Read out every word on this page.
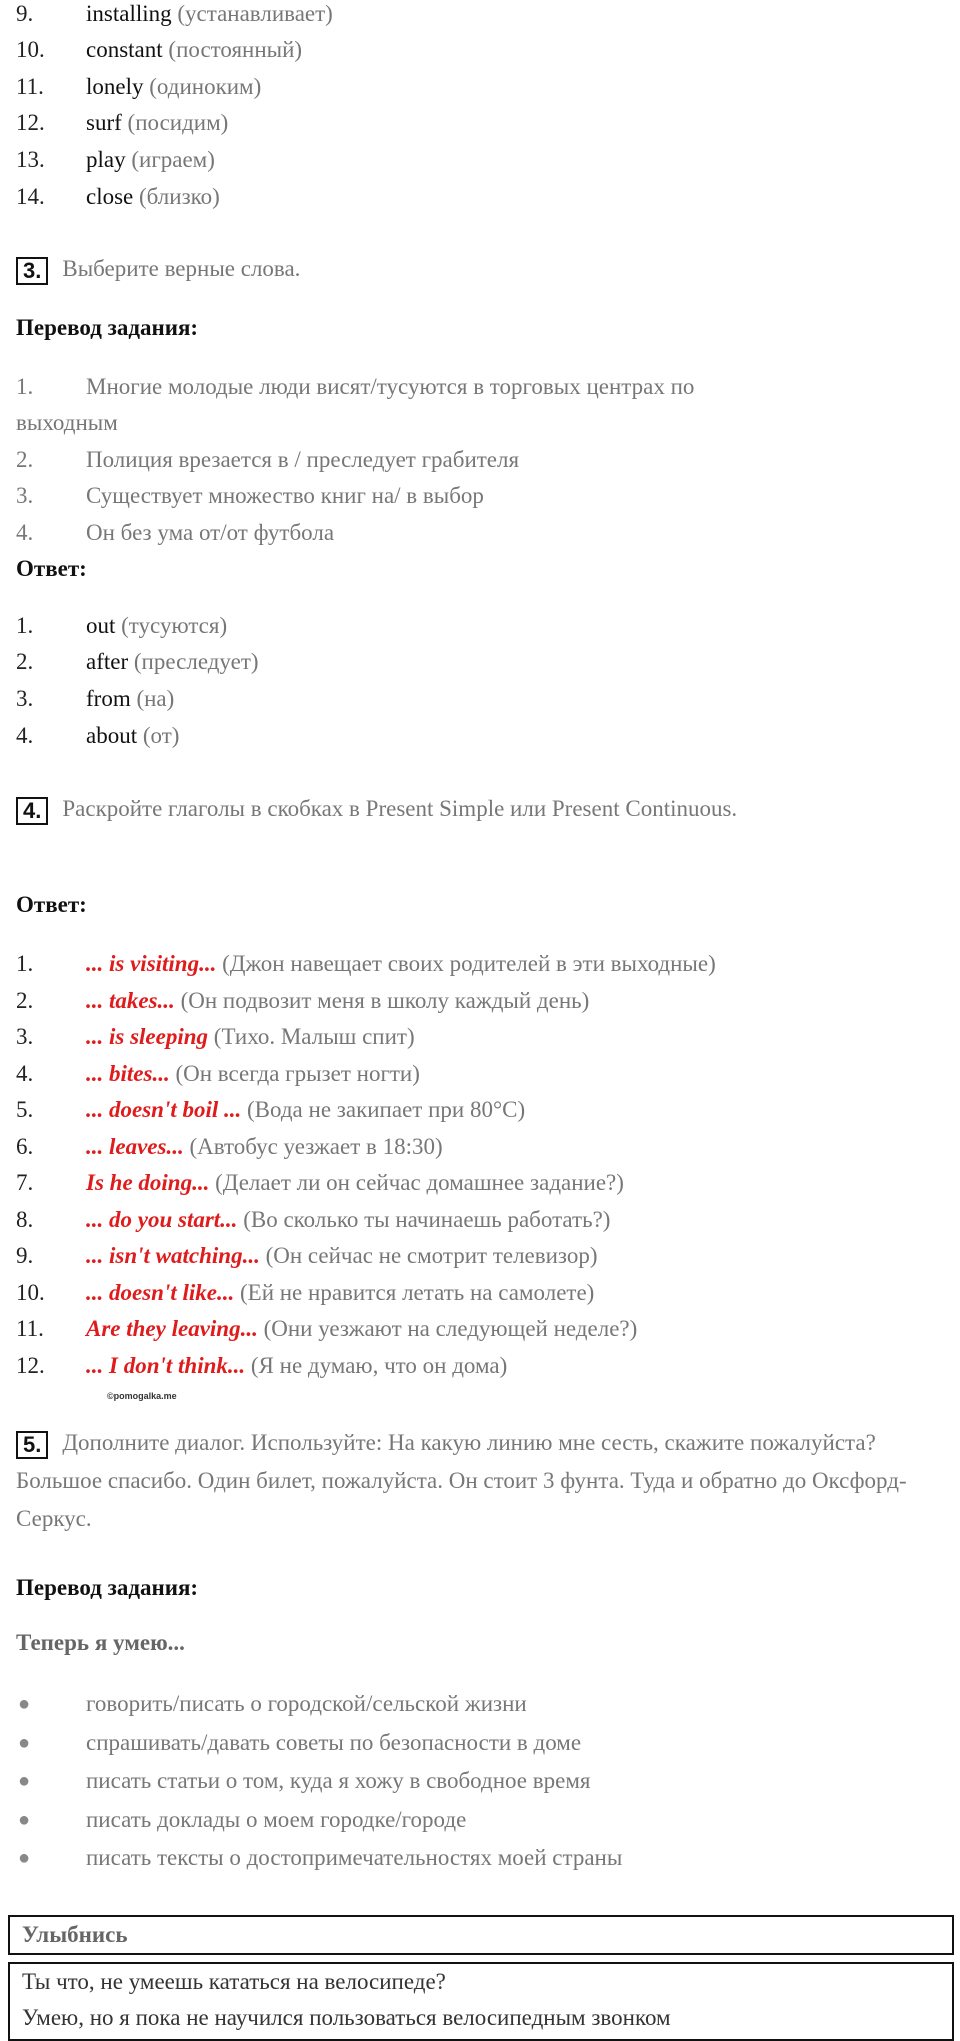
9. installing (устанавливает)
10. constant (постоянный)
11. lonely (одиноким)
12. surf (посидим)
13. play (играем)
14. close (близко)
3. Выберите верные слова.
Перевод задания:
1. Многие молодые люди висят/тусуются в торговых центрах по
выходным
2. Полиция врезается в / преследует грабителя
3. Существует множество книг на/ в выбор
4. Он без ума от/от футбола
Ответ:
1. out (тусуются)
2. after (преследует)
3. from (на)
4. about (от)
4. Раскройте глаголы в скобках в Present Simple или Present Continuous.
Ответ:
1. ... is visiting... (Джон навещает своих родителей в эти выходные)
2. ... takes... (Он подвозит меня в школу каждый день)
3. ... is sleeping (Тихо. Малыш спит)
4. ... bites... (Он всегда грызет ногти)
5. ... doesn't boil ... (Вода не закипает при 80°C)
6. ... leaves... (Автобус уезжает в 18:30)
7. Is he doing... (Делает ли он сейчас домашнее задание?)
8. ... do you start... (Во сколько ты начинаешь работать?)
9. ... isn't watching... (Он сейчас не смотрит телевизор)
10. ... doesn't like... (Ей не нравится летать на самолете)
11. Are they leaving... (Они уезжают на следующей неделе?)
12. ... I don't think... (Я не думаю, что он дома)
©pomogalka.me
5. Дополните диалог. Используйте: На какую линию мне сесть, скажите пожалуйста? Большое спасибо. Один билет, пожалуйста. Он стоит 3 фунта. Туда и обратно до Оксфорд-Серкус.
Перевод задания:
Теперь я умею...
● говорить/писать о городской/сельской жизни
● спрашивать/давать советы по безопасности в доме
● писать статьи о том, куда я хожу в свободное время
● писать доклады о моем городке/городе
● писать тексты о достопримечательностях моей страны
Улыбнись
Ты что, не умеешь кататься на велосипеде?
Умею, но я пока не научился пользоваться велосипедным звонком
